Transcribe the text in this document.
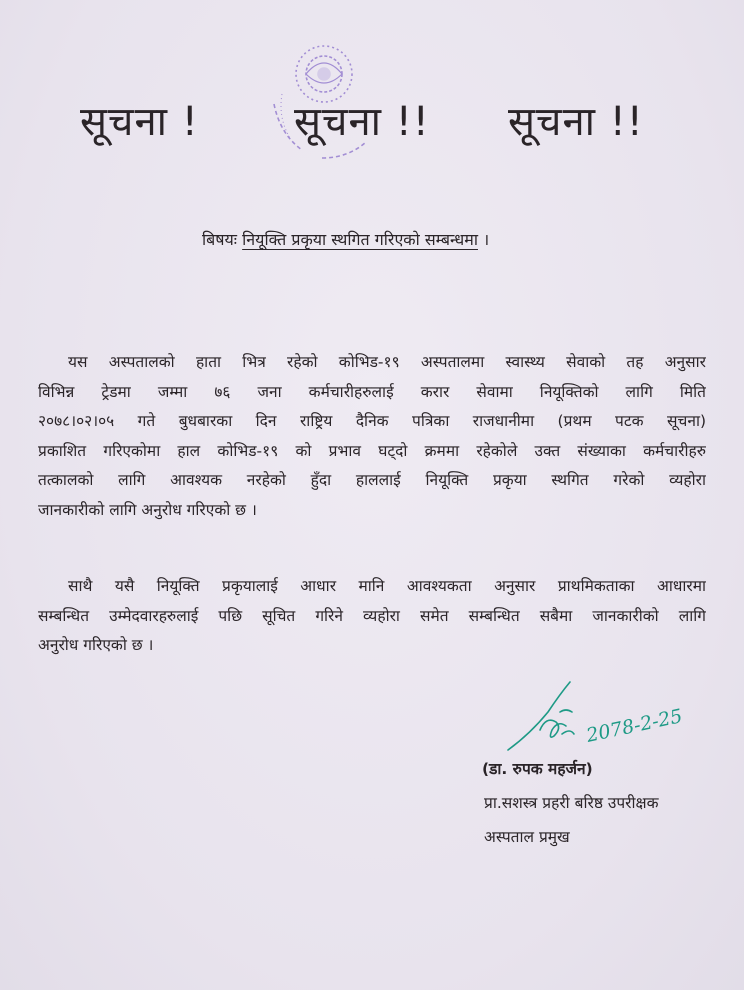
सूचना ! सूचना !! सूचना !!
बिषयः नियूक्ति प्रकृया स्थगित गरिएको सम्बन्धमा ।
यस अस्पतालको हाता भित्र रहेको कोभिड-१९ अस्पतालमा स्वास्थ्य सेवाको तह अनुसार
विभिन्न ट्रेडमा जम्मा ७६ जना कर्मचारीहरुलाई करार सेवामा नियूक्तिको लागि मिति
२०७८।०२।०५ गते बुधबारका दिन राष्ट्रिय दैनिक पत्रिका राजधानीमा (प्रथम पटक सूचना)
प्रकाशित गरिएकोमा हाल कोभिड-१९ को प्रभाव घट्दो क्रममा रहेकोले उक्त संख्याका कर्मचारीहरु
तत्कालको लागि आवश्यक नरहेको हुँदा हाललाई नियूक्ति प्रकृया स्थगित गरेको व्यहोरा
जानकारीको लागि अनुरोध गरिएको छ ।
साथै यसै नियूक्ति प्रकृयालाई आधार मानि आवश्यकता अनुसार प्राथमिकताका आधारमा
सम्बन्धित उम्मेदवारहरुलाई पछि सूचित गरिने व्यहोरा समेत सम्बन्धित सबैमा जानकारीको लागि
अनुरोध गरिएको छ ।
2078-2-25
(डा. रुपक महर्जन)
प्रा.सशस्त्र प्रहरी बरिष्ठ उपरीक्षक
अस्पताल प्रमुख
